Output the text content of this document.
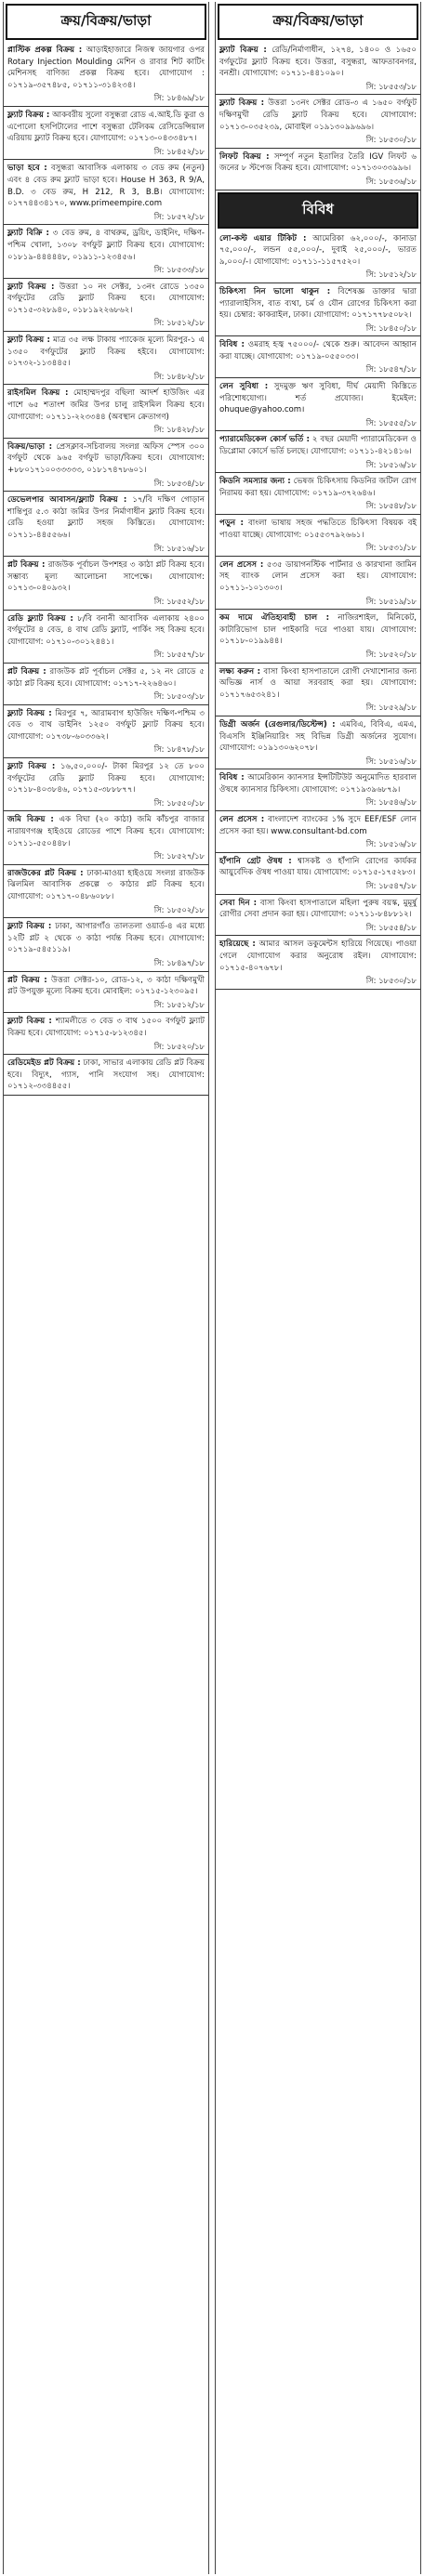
ক্রয়/বিক্রয়/ভাড়া
প্লাস্টিক প্রকল্প বিক্রয় : আড়াইহাজারে নিজস্ব জায়গার ওপর Rotary Injection Moulding মেশিন ও রাবার শিট কাটিং মেশিনসহ বাণিজ্য প্রকল্প বিক্রয় হবে। যোগাযোগ : ০১৭১৯-৩৫৭৪৮৫, ০১৭১১-৩১৪২৩৪।
সি: ১৮৪৬৯/১৮
ফ্ল্যাট বিক্রয় : আকবরীয় সুলো বসুন্ধরা রোড এ.আই.ডি কুরা ও এপোলো হসপিটালের পাশে বসুন্ধরা টেলিকম রেসিডেন্সিয়াল এরিয়ায় ফ্ল্যাট বিক্রয় হবে। যোগাযোগ: ০১৭১৩-০৪৩৩৪৮৭।
সি: ১৮৪৫২/১৮
ভাড়া হবে : বসুন্ধরা আবাসিক এলাকায় ৩ বেড রুম (নতুন) এবং ৪ বেড রুম ফ্ল্যাট ভাড়া হবে। House H 363, R 9/A, B.D. ৩ বেড রুম, H 212, R 3, B.B। যোগাযোগ: ০১৭৭৪৪৩৪১৭০, www.primeempire.com
সি: ১৮৫৭২/১৮
ফ্ল্যাট বিক্রি : ৩ বেড রুম, ৪ বাথরুম, ড্রয়িং, ডাইনিং, দক্ষিণ-পশ্চিম খোলা, ১৩০৮ বর্গফুট ফ্ল্যাট বিক্রয় হবে। যোগাযোগ: ০১৮১৯-৪৪৪৪৪৮, ০১৯১১-১২৩৪৫৬।
সি: ১৮৫৩৩/১৮
ফ্ল্যাট বিক্রয় : উত্তরা ১০ নং সেক্টর, ১৩নং রোডে ১৩৫০ বর্গফুটের রেডি ফ্ল্যাট বিক্রয় হবে। যোগাযোগ: ০১৭১৫-৩২৮৯৪০, ০১৮১৯২২৬৮৬২।
সি: ১৮৫১২/১৮
ফ্ল্যাট বিক্রয় : মাত্র ৩৫ লক্ষ টাকায় প্যাকেজ মূল্যে মিরপুর-১ এ ১৩৫০ বর্গফুটের ফ্ল্যাট বিক্রয় হইবে। যোগাযোগ: ০১৭৩২-১১৩৪৪৫।
সি: ১৮৪৮২/১৮
রাইসমিল বিক্রয় : মোহাম্মদপুর বছিলা আদর্শ হাউজিং এর পাশে ৬৫ শতাংশ জমির উপর চালু রাইসমিল বিক্রয় হবে। যোগাযোগ: ০১৭১১-২২৩৩৪৪ (অবস্থান ক্রেতাগণ)
সি: ১৮৪২৮/১৮
বিক্রয়/ভাড়া : প্রেসক্লাব-সচিবালয় সংলগ্ন অফিস স্পেস ৩০০ বর্গফুট থেকে ৯৬৫ বর্গফুট ভাড়া/বিক্রয় হবে। যোগাযোগ: +৮৮০১৭১০০৩৩৩৩৩, ০১৮১৭৪৭৮৬০১।
সি: ১৮৫৩৪/১৮
ডেভেলপার আবাসন/ফ্ল্যাট বিক্রয় : ১৭/বি দক্ষিণ গোড়ান শান্তিপুর ৫.৩ কাঠা জমির উপর নির্মাণাধীন ফ্ল্যাট বিক্রয় হবে। রেডি হওয়া ফ্ল্যাট সহজ কিস্তিতে। যোগাযোগ: ০১৭১১-৪৪৫৫৬৬।
সি: ১৮৫১৬/১৮
প্লট বিক্রয় : রাজউক পূর্বাচল উপশহর ৩ কাঠা প্লট বিক্রয় হবে। সম্ভাব্য মূল্য আলোচনা সাপেক্ষে। যোগাযোগ: ০১৭১৩-০৪০৯৩২।
সি: ১৮৫৫২/১৮
রেডি ফ্ল্যাট বিক্রয় : ৮/বি বনানী আবাসিক এলাকায় ২৪০০ বর্গফুটের ৪ বেড, ৪ বাথ রেডি ফ্ল্যাট, পার্কিং সহ বিক্রয় হবে। যোগাযোগ: ০১৭১০-৩০১২৪৪১।
সি: ১৮৫৫৭/১৮
প্লট বিক্রয় : রাজউক প্লট পূর্বাচল সেক্টর ৫, ১২ নং রোডে ৫ কাঠা প্লট বিক্রয় হবে। যোগাযোগ: ০১৭১৭-২২৬৪৬০।
সি: ১৮৫০৩/১৮
ফ্ল্যাট বিক্রয় : মিরপুর ৭, আরামবাগ হাউজিং দক্ষিণ-পশ্চিম ৩ বেড ৩ বাথ ডাইনিং ১২৫০ বর্গফুট ফ্ল্যাট বিক্রয় হবে। যোগাযোগ: ০১৭৩৮-৬০৩৩৬২।
সি: ১৮৪৭৮/১৮
ফ্ল্যাট বিক্রয় : ১৬,৫০,০০০/- টাকা মিরপুর ১২ তে ৮০০ বর্গফুটের রেডি ফ্ল্যাট বিক্রয় হবে। যোগাযোগ: ০১৭১৮-৪০৩৮৪৬, ০১৭১৫-৩৮৮৮৭৭।
সি: ১৮৫৫০/১৮
জমি বিক্রয় : এক বিঘা (২০ কাঠা) জমি কাঁচপুর বাজার নারায়ণগঞ্জ হাইওয়ে রোডের পাশে বিক্রয় হবে। যোগাযোগ: ০১৭১১-৫৫০৪৪৮।
সি: ১৮৫২৭/১৮
রাজউকের প্লট বিক্রয় : ঢাকা-মাওয়া হাইওয়ে সংলগ্ন রাজউক ঝিলমিল আবাসিক প্রকল্পে ৩ কাঠার প্লট বিক্রয় হবে। যোগাযোগ: ০১৭১৭-০৪৮৬০৮৮।
সি: ১৮৫০২/১৮
ফ্ল্যাট বিক্রয় : ঢাকা, আগারগাঁও তালতলা ওয়ার্ড-৪ এর মধ্যে ১২টি প্লট ২ থেকে ৩ কাঠা পর্যন্ত বিক্রয় হবে। যোগাযোগ: ০১৭১৯-৫৪৫১১৯।
সি: ১৮৪৯৭/১৮
প্লট বিক্রয় : উত্তরা সেক্টর-১০, রোড-১২, ৩ কাঠা দক্ষিণমুখী প্লট উপযুক্ত মূল্যে বিক্রয় হবে। মোবাইল: ০১৭১৫-১২৩০৯৫।
সি: ১৮৫১২/১৮
ফ্ল্যাট বিক্রয় : শ্যামলীতে ৩ বেড ৩ বাথ ১৫০০ বর্গফুট ফ্ল্যাট বিক্রয় হবে। যোগাযোগ: ০১৭১৫-৮১২৩৪৫।
সি: ১৮৫২০/১৮
রেডিমেইড প্লট বিক্রয় : ঢাকা, সাভার এলাকায় রেডি প্লট বিক্রয় হবে। বিদ্যুৎ, গ্যাস, পানি সংযোগ সহ। যোগাযোগ: ০১৭১২-৩৩৪৪৫৫।
ক্রয়/বিক্রয়/ভাড়া
ফ্ল্যাট বিক্রয় : রেডি/নির্মাণাধীন, ১২৭৪, ১৪০০ ও ১৬৫০ বর্গফুটের ফ্ল্যাট বিক্রয় হবে। উত্তরা, বসুন্ধরা, আফতাবনগর, বনশ্রী। যোগাযোগ: ০১৭১১-৪৪১০৯০।
সি: ১৮৫৫৩/১৮
ফ্ল্যাট বিক্রয় : উত্তরা ১৩নং সেক্টর রোড-৩ এ ১৬৫০ বর্গফুট দক্ষিণমুখী রেডি ফ্ল্যাট বিক্রয় হবে। যোগাযোগ: ০১৭১৩-০৩৫২৩৯, মোবাইল ০১৯১৩০৯৯৬৯৬।
সি: ১৮৫৩০/১৮
লিফট বিক্রয় : সম্পূর্ণ নতুন ইতালির তৈরি IGV লিফট ৬ জনের ৮ স্টপেজ বিক্রয় হবে। যোগাযোগ: ০১৭১৩০৩৩৯৯৬।
সি: ১৮৫৩৬/১৮
বিবিধ
লো-কস্ট এয়ার টিকিট : আমেরিকা ৬২,০০০/-, কানাডা ৭৫,০০০/-, লন্ডন ৫৫,০০০/-, দুবাই ২৫,০০০/-, ভারত ৯,০০০/-। যোগাযোগ: ০১৭১১-১১৫৭৫২০।
সি: ১৮৫১২/১৮
চিকিৎসা নিন ভালো থাকুন : বিশেষজ্ঞ ডাক্তার দ্বারা প্যারালাইসিস, বাত ব্যথা, চর্ম ও যৌন রোগের চিকিৎসা করা হয়। চেম্বার: কাকরাইল, ঢাকা। যোগাযোগ: ০১৭১৭৭৮৫০৮২।
সি: ১৮৪৫০/১৮
বিবিধ : ওমরাহ হজ্ব ৭৫০০০/- থেকে শুরু। আবেদন আহ্বান করা যাচ্ছে। যোগাযোগ: ০১৭১৯-০৫৫০৩৩।
সি: ১৮৫৪৭/১৮
লেন সুবিধা : সুদমুক্ত ঋণ সুবিধা, দীর্ঘ মেয়াদী কিস্তিতে পরিশোধযোগ্য। শর্ত প্রযোজ্য। ইমেইল: ohuque@yahoo.com।
সি: ১৮৫৫৫/১৮
প্যারামেডিকেল কোর্স ভর্তি : ২ বছর মেয়াদী প্যারামেডিকেল ও ডিপ্লোমা কোর্সে ভর্তি চলছে। যোগাযোগ: ০১৭১১-৪২১৪১৬।
সি: ১৮৫১৬/১৮
কিডনি সমস্যার জন্য : ভেষজ চিকিৎসায় কিডনির জটিল রোগ নিরাময় করা হয়। যোগাযোগ: ০১৭১৯-৩৭২৬৪৬।
সি: ১৮৫৪৮/১৮
পড়ুন : বাংলা ভাষায় সহজ পদ্ধতিতে চিকিৎসা বিষয়ক বই পাওয়া যাচ্ছে। যোগাযোগ: ০১৫৫৩৭৯২৬৬১।
সি: ১৮৫৩১/১৮
লেন প্রসেস : ৫৩৫ ডায়াগনস্টিক পার্টনার ও কারখানা জামিন সহ ব্যাংক লোন প্রসেস করা হয়। যোগাযোগ: ০১৭১১-১০১৩০৩।
সি: ১৮৫১৯/১৮
কম দামে ঐতিহ্যবাহী চাল : নাজিরশাইল, মিনিকেট, কাটারিভোগ চাল পাইকারি দরে পাওয়া যায়। যোগাযোগ: ০১৭১৮-০১৯৯৪৪।
সি: ১৮৫২০/১৮
লক্ষ্য করুন : বাসা কিংবা হাসপাতালে রোগী দেখাশোনার জন্য অভিজ্ঞ নার্স ও আয়া সরবরাহ করা হয়। যোগাযোগ: ০১৭১৭৬৫৩২৪১।
সি: ১৮৫২৯/১৮
ডিগ্রী অর্জন (রেগুলার/ডিস্টেন্স) : এমবিএ, বিবিএ, এমএ, বিএসসি ইঞ্জিনিয়ারিং সহ বিভিন্ন ডিগ্রী অর্জনের সুযোগ। যোগাযোগ: ০১৯১৩০৬২০৭৮।
সি: ১৮৫১৬/১৮
বিবিধ : আমেরিকান ক্যানসার ইন্সটিটিউট অনুমোদিত হারবাল ঔষধে ক্যানসার চিকিৎসা। যোগাযোগ: ০১৭১৯৩৯৬৮৭৯।
সি: ১৮৫৪৬/১৮
লেন প্রসেস : বাংলাদেশ ব্যাংকের ১% সুদে EEF/ESF লোন প্রসেস করা হয়। www.consultant-bd.com
সি: ১৮৫১৬/১৮
হাঁপানি গ্রেট ঔষধ : শ্বাসকষ্ট ও হাঁপানি রোগের কার্যকর আয়ুর্বেদিক ঔষধ পাওয়া যায়। যোগাযোগ: ০১৭১৫-১৭৫২৮৩।
সি: ১৮৫৪৭/১৮
সেবা দিন : বাসা কিংবা হাসপাতালে মহিলা পুরুষ বয়স্ক, মুমূর্ষু রোগীর সেবা প্রদান করা হয়। যোগাযোগ: ০১৭১১-৮৪৮৮১২।
সি: ১৮৫৫৪/১৮
হারিয়েছে : আমার আসল ডকুমেন্টস হারিয়ে গিয়েছে। পাওয়া গেলে যোগাযোগ করার অনুরোধ রইল। যোগাযোগ: ০১৭১৫-৪০৭৬৭৮।
সি: ১৮৫৩০/১৮
